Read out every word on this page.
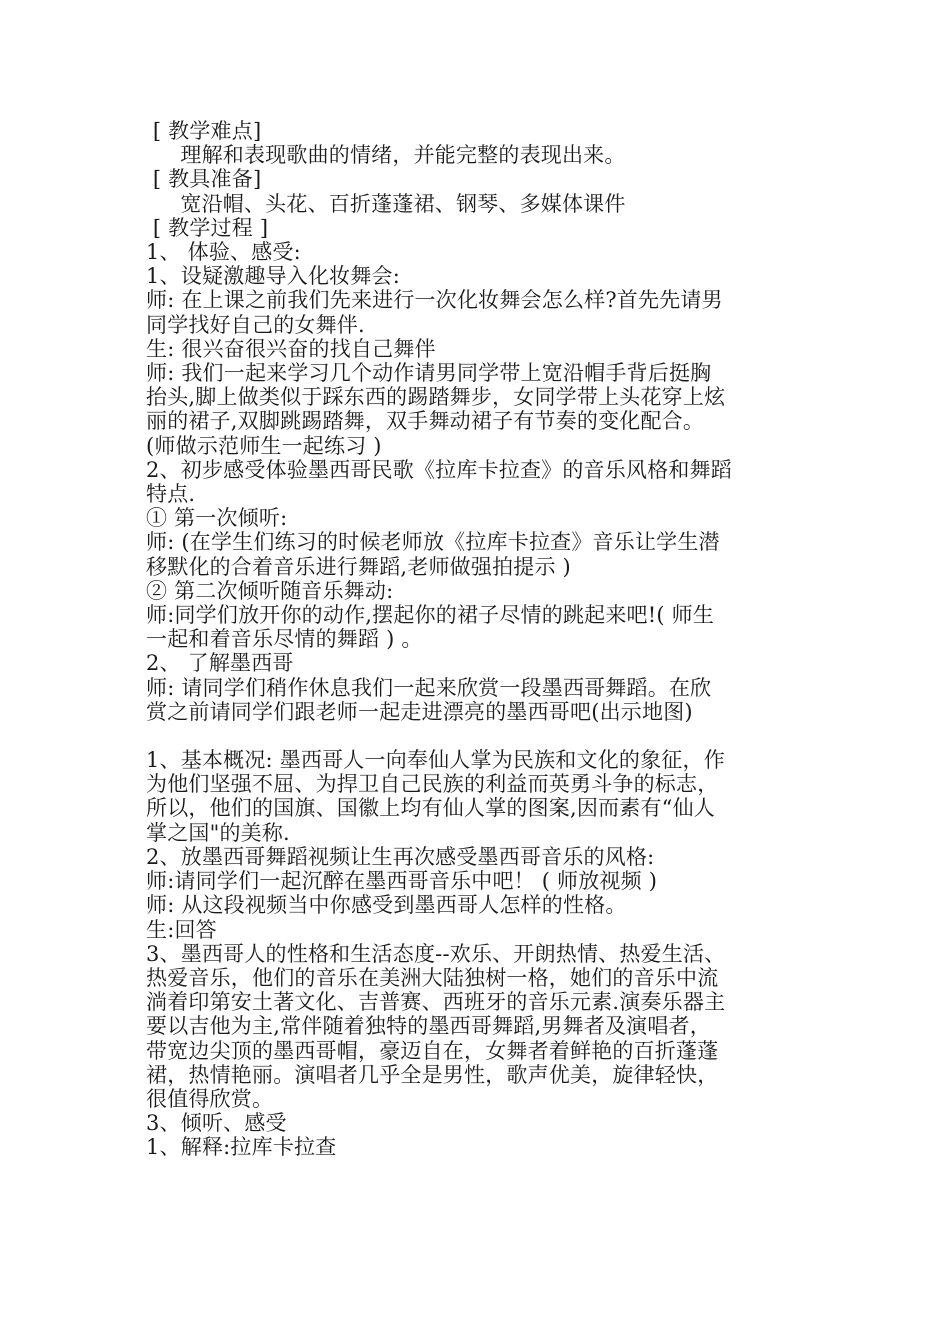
[ 教学难点]
理解和表现歌曲的情绪，并能完整的表现出来。
[ 教具准备]
宽沿帽、头花、百折蓬蓬裙、钢琴、多媒体课件
[ 教学过程 ]
1、 体验、感受:
1、设疑激趣导入化妆舞会:
师: 在上课之前我们先来进行一次化妆舞会怎么样?首先先请男
同学找好自己的女舞伴.
生: 很兴奋很兴奋的找自己舞伴
师: 我们一起来学习几个动作请男同学带上宽沿帽手背后挺胸
抬头,脚上做类似于踩东西的踢踏舞步，女同学带上头花穿上炫
丽的裙子,双脚跳踢踏舞，双手舞动裙子有节奏的变化配合。
(师做示范师生一起练习 )
2、初步感受体验墨西哥民歌《拉库卡拉查》的音乐风格和舞蹈
特点.
① 第一次倾听:
师: (在学生们练习的时候老师放《拉库卡拉查》音乐让学生潜
移默化的合着音乐进行舞蹈,老师做强拍提示 )
② 第二次倾听随音乐舞动:
师:同学们放开你的动作,摆起你的裙子尽情的跳起来吧!( 师生
一起和着音乐尽情的舞蹈 ) 。
2、 了解墨西哥
师: 请同学们稍作休息我们一起来欣赏一段墨西哥舞蹈。在欣
赏之前请同学们跟老师一起走进漂亮的墨西哥吧(出示地图)
1、基本概况: 墨西哥人一向奉仙人掌为民族和文化的象征，作
为他们坚强不屈、为捍卫自己民族的利益而英勇斗争的标志，
所以，他们的国旗、国徽上均有仙人掌的图案,因而素有“仙人
掌之国"的美称.
2、放墨西哥舞蹈视频让生再次感受墨西哥音乐的风格:
师:请同学们一起沉醉在墨西哥音乐中吧！ ( 师放视频 )
师: 从这段视频当中你感受到墨西哥人怎样的性格。
生:回答
3、墨西哥人的性格和生活态度--欢乐、开朗热情、热爱生活、
热爱音乐，他们的音乐在美洲大陆独树一格，她们的音乐中流
淌着印第安土著文化、吉普赛、西班牙的音乐元素.演奏乐器主
要以吉他为主,常伴随着独特的墨西哥舞蹈,男舞者及演唱者，
带宽边尖顶的墨西哥帽，豪迈自在，女舞者着鲜艳的百折蓬蓬
裙，热情艳丽。演唱者几乎全是男性，歌声优美，旋律轻快，
很值得欣赏。
3、倾听、感受
1、解释:拉库卡拉查
